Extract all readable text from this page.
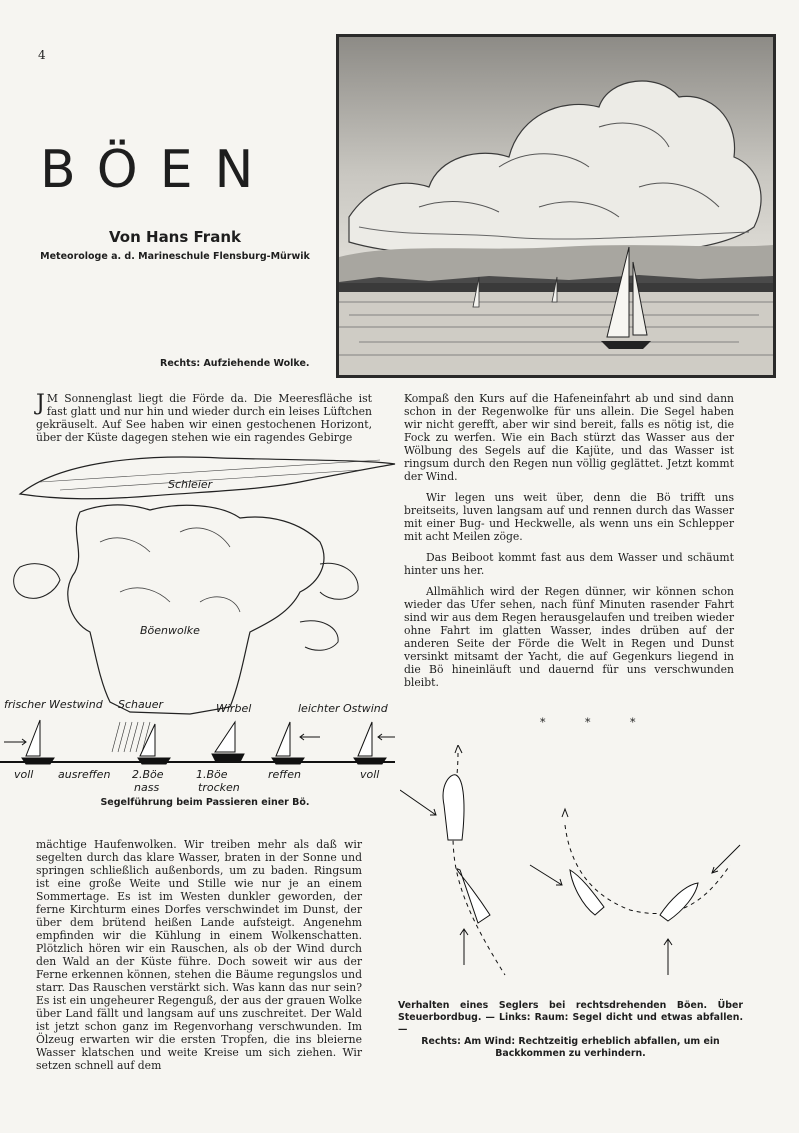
4
BÖEN
Von Hans Frank
Meteorologe a. d. Marineschule Flensburg-Mürwik
Rechts: Aufziehende Wolke.
J M Sonnenglast liegt die Förde da. Die Meeresfläche ist fast glatt und nur hin und wieder durch ein leises Lüftchen gekräuselt. Auf See haben wir einen gestochenen Horizont, über der Küste dagegen stehen wie ein ragendes Gebirge

Kompaß den Kurs auf die Hafeneinfahrt ab und sind dann schon in der Regenwolke für uns allein. Die Segel haben wir nicht gerefft, aber wir sind bereit, falls es nötig ist, die Fock zu werfen. Wie ein Bach stürzt das Wasser aus der Wölbung des Segels auf die Kajüte, und das Wasser ist ringsum durch den Regen nun völlig geglättet. Jetzt kommt der Wind.

Wir legen uns weit über, denn die Bö trifft uns breitseits, luven langsam auf und rennen durch das Wasser mit einer Bug- und Heckwelle, als wenn uns ein Schlepper mit acht Meilen zöge.

Das Beiboot kommt fast aus dem Wasser und schäumt hinter uns her.

Allmählich wird der Regen dünner, wir können schon wieder das Ufer sehen, nach fünf Minuten rasender Fahrt sind wir aus dem Regen herausgelaufen und treiben wieder ohne Fahrt im glatten Wasser, indes drüben auf der anderen Seite der Förde die Welt in Regen und Dunst versinkt mitsamt der Yacht, die auf Gegenkurs liegend in die Bö hineinläuft und dauernd für uns verschwunden bleibt.

* * *
Schleier
Böenwolke
frischer Westwind Schauer	Wirbel	leichter Ostwind
voll ausreffen 2.Böe
nass
1.Böe
trocken
reffen	voll
Segelführung beim Passieren einer Bö.
mächtige Haufenwolken. Wir treiben mehr als daß wir segelten durch das klare Wasser, braten in der Sonne und springen schließlich außenbords, um zu baden. Ringsum ist eine große Weite und Stille wie nur je an einem Sommertage. Es ist im Westen dunkler geworden, der ferne Kirchturm eines Dorfes verschwindet im Dunst, der über dem brütend heißen Lande aufsteigt. Angenehm empfinden wir die Kühlung in einem Wolkenschatten. Plötzlich hören wir ein Rauschen, als ob der Wind durch den Wald an der Küste führe. Doch soweit wir aus der Ferne erkennen können, stehen die Bäume regungslos und starr. Das Rauschen verstärkt sich. Was kann das nur sein? Es ist ein ungeheurer Regenguß, der aus der grauen Wolke über Land fällt und langsam auf uns zuschreitet. Der Wald ist jetzt schon ganz im Regenvorhang verschwunden. Im Ölzeug erwarten wir die ersten Tropfen, die ins bleierne Wasser klatschen und weite Kreise um sich ziehen. Wir setzen schnell auf dem
Verhalten eines Seglers bei rechtsdrehenden Böen. Über Steuerbordbug. — Links: Raum: Segel dicht und etwas abfallen. —
Rechts: Am Wind: Rechtzeitig erheblich abfallen, um ein Backkommen zu verhindern.
